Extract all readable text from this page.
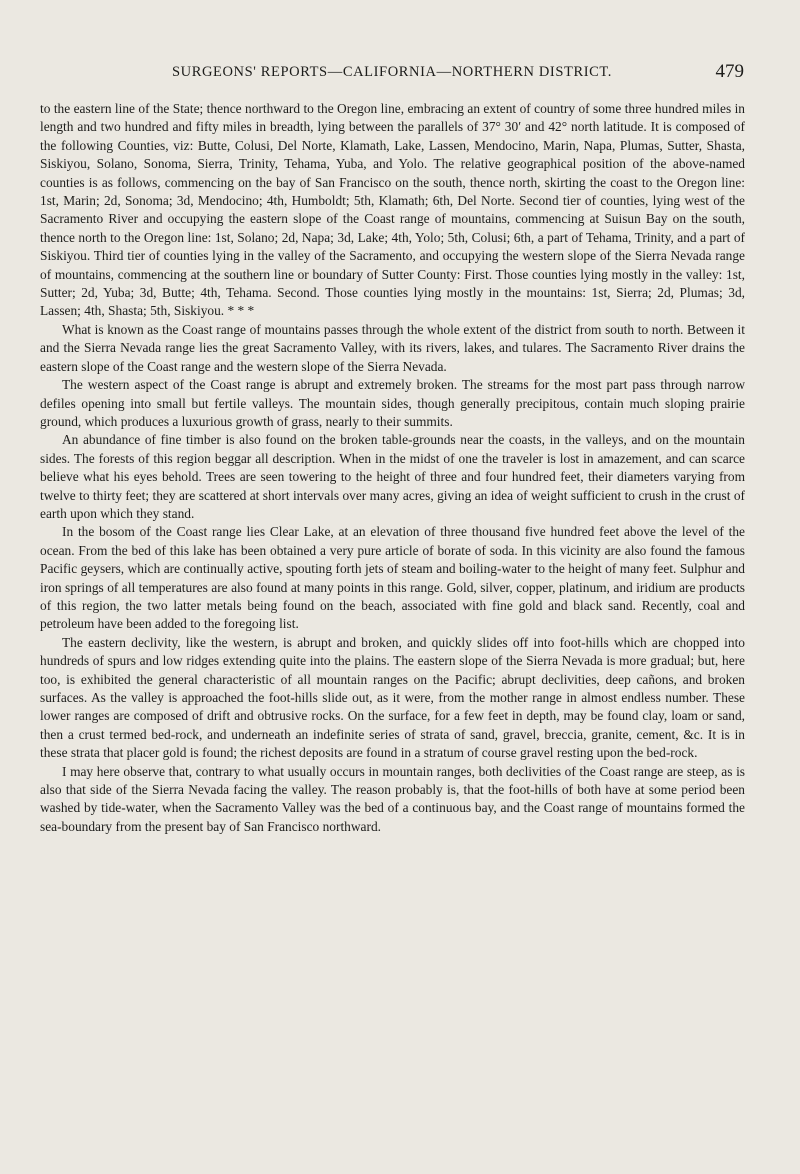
SURGEONS' REPORTS—CALIFORNIA—NORTHERN DISTRICT.	479

to the eastern line of the State; thence northward to the Oregon line, embracing an extent of country of some three hundred miles in length and two hundred and fifty miles in breadth, lying between the parallels of 37° 30′ and 42° north latitude. It is composed of the following Counties, viz: Butte, Colusi, Del Norte, Klamath, Lake, Lassen, Mendocino, Marin, Napa, Plumas, Sutter, Shasta, Siskiyou, Solano, Sonoma, Sierra, Trinity, Tehama, Yuba, and Yolo. The relative geographical position of the above-named counties is as follows, commencing on the bay of San Francisco on the south, thence north, skirting the coast to the Oregon line: 1st, Marin; 2d, Sonoma; 3d, Mendocino; 4th, Humboldt; 5th, Klamath; 6th, Del Norte. Second tier of counties, lying west of the Sacramento River and occupying the eastern slope of the Coast range of mountains, commencing at Suisun Bay on the south, thence north to the Oregon line: 1st, Solano; 2d, Napa; 3d, Lake; 4th, Yolo; 5th, Colusi; 6th, a part of Tehama, Trinity, and a part of Siskiyou. Third tier of counties lying in the valley of the Sacramento, and occupying the western slope of the Sierra Nevada range of mountains, commencing at the southern line or boundary of Sutter County: First. Those counties lying mostly in the valley: 1st, Sutter; 2d, Yuba; 3d, Butte; 4th, Tehama. Second. Those counties lying mostly in the mountains: 1st, Sierra; 2d, Plumas; 3d, Lassen; 4th, Shasta; 5th, Siskiyou. * * *

What is known as the Coast range of mountains passes through the whole extent of the district from south to north. Between it and the Sierra Nevada range lies the great Sacramento Valley, with its rivers, lakes, and tulares. The Sacramento River drains the eastern slope of the Coast range and the western slope of the Sierra Nevada.

The western aspect of the Coast range is abrupt and extremely broken. The streams for the most part pass through narrow defiles opening into small but fertile valleys. The mountain sides, though generally precipitous, contain much sloping prairie ground, which produces a luxurious growth of grass, nearly to their summits.

An abundance of fine timber is also found on the broken table-grounds near the coasts, in the valleys, and on the mountain sides. The forests of this region beggar all description. When in the midst of one the traveler is lost in amazement, and can scarce believe what his eyes behold. Trees are seen towering to the height of three and four hundred feet, their diameters varying from twelve to thirty feet; they are scattered at short intervals over many acres, giving an idea of weight sufficient to crush in the crust of earth upon which they stand.

In the bosom of the Coast range lies Clear Lake, at an elevation of three thousand five hundred feet above the level of the ocean. From the bed of this lake has been obtained a very pure article of borate of soda. In this vicinity are also found the famous Pacific geysers, which are continually active, spouting forth jets of steam and boiling-water to the height of many feet. Sulphur and iron springs of all temperatures are also found at many points in this range. Gold, silver, copper, platinum, and iridium are products of this region, the two latter metals being found on the beach, associated with fine gold and black sand. Recently, coal and petroleum have been added to the foregoing list.

The eastern declivity, like the western, is abrupt and broken, and quickly slides off into foot-hills which are chopped into hundreds of spurs and low ridges extending quite into the plains. The eastern slope of the Sierra Nevada is more gradual; but, here too, is exhibited the general characteristic of all mountain ranges on the Pacific; abrupt declivities, deep cañons, and broken surfaces. As the valley is approached the foot-hills slide out, as it were, from the mother range in almost endless number. These lower ranges are composed of drift and obtrusive rocks. On the surface, for a few feet in depth, may be found clay, loam or sand, then a crust termed bed-rock, and underneath an indefinite series of strata of sand, gravel, breccia, granite, cement, &c. It is in these strata that placer gold is found; the richest deposits are found in a stratum of course gravel resting upon the bed-rock.

I may here observe that, contrary to what usually occurs in mountain ranges, both declivities of the Coast range are steep, as is also that side of the Sierra Nevada facing the valley. The reason probably is, that the foot-hills of both have at some period been washed by tide-water, when the Sacramento Valley was the bed of a continuous bay, and the Coast range of mountains formed the sea-boundary from the present bay of San Francisco northward.
